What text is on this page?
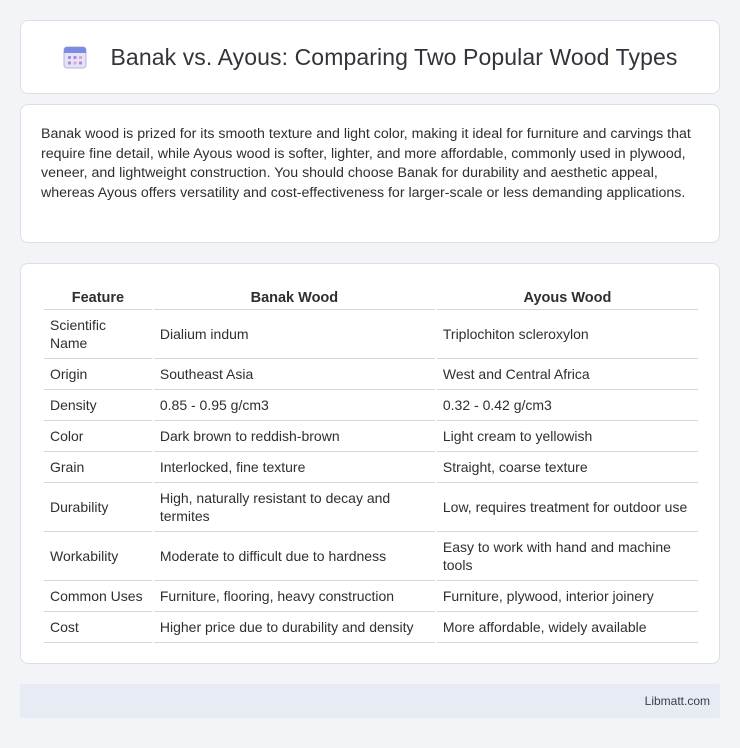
Banak vs. Ayous: Comparing Two Popular Wood Types

Banak wood is prized for its smooth texture and light color, making it ideal for furniture and carvings that require fine detail, while Ayous wood is softer, lighter, and more affordable, commonly used in plywood, veneer, and lightweight construction. You should choose Banak for durability and aesthetic appeal, whereas Ayous offers versatility and cost-effectiveness for larger-scale or less demanding applications.

Feature	Banak Wood	Ayous Wood
Scientific Name	Dialium indum	Triplochiton scleroxylon
Origin	Southeast Asia	West and Central Africa
Density	0.85 - 0.95 g/cm3	0.32 - 0.42 g/cm3
Color	Dark brown to reddish-brown	Light cream to yellowish
Grain	Interlocked, fine texture	Straight, coarse texture
Durability	High, naturally resistant to decay and termites	Low, requires treatment for outdoor use
Workability	Moderate to difficult due to hardness	Easy to work with hand and machine tools
Common Uses	Furniture, flooring, heavy construction	Furniture, plywood, interior joinery
Cost	Higher price due to durability and density	More affordable, widely available
Libmatt.com
